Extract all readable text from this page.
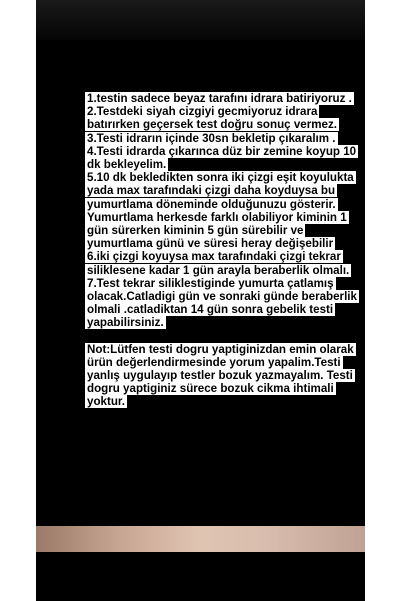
1.testin sadece beyaz tarafını idrara batiriyoruz .

2.Testdeki siyah cizgiyi gecmiyoruz idrara batırırken geçersek test doğru sonuç vermez.

3.Testi idrarın içinde 30sn bekletip çıkaralım .

4.Testi idrarda çıkarınca düz bir zemine koyup 10 dk bekleyelim.

5.10 dk bekledikten sonra iki çizgi eşit koyulukta yada max tarafındaki çizgi daha koyduysa bu yumurtlama döneminde olduğunuzu gösterir. Yumurtlama herkesde farklı olabiliyor kiminin 1 gün sürerken kiminin 5 gün sürebilir ve yumurtlama günü ve süresi heray değişebilir

6.iki çizgi koyuysa max tarafındaki çizgi tekrar siliklesene kadar 1 gün arayla beraberlik olmalı.

7.Test tekrar siliklestiginde yumurta çatlamış olacak.Catladigi gün ve sonraki günde beraberlik olmali .catladiktan 14 gün sonra gebelik testi yapabilirsiniz.

Not:Lütfen testi dogru yaptiginizdan emin olarak ürün değerlendirmesinde yorum yapalim.Testi yanlış uygulayıp testler bozuk yazmayalım. Testi dogru yaptiginiz sürece bozuk cikma ihtimali yoktur.
